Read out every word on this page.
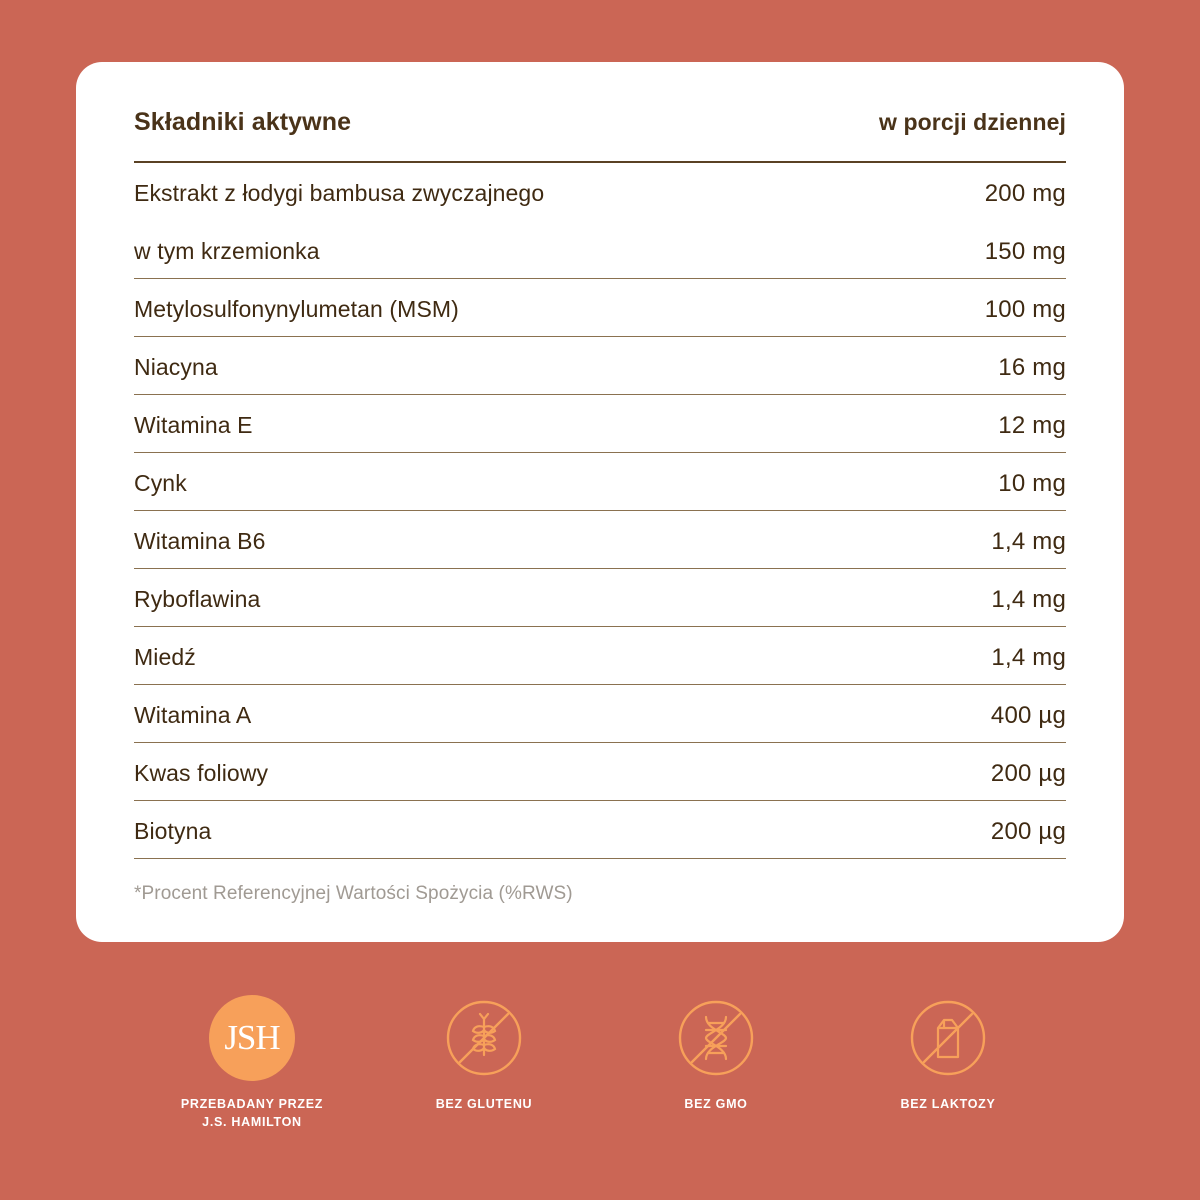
Składniki aktywne	w porcji dziennej
Ekstrakt z łodygi bambusa zwyczajnego	200 mg
w tym krzemionka	150 mg
Metylosulfonynylumetan (MSM)	100 mg
Niacyna	16 mg
Witamina E	12 mg
Cynk	10 mg
Witamina B6	1,4 mg
Ryboflawina	1,4 mg
Miedź	1,4 mg
Witamina A	400 µg
Kwas foliowy	200 µg
Biotyna	200 µg
*Procent Referencyjnej Wartości Spożycia (%RWS)
JSH
PRZEBADANY PRZEZ
J.S. HAMILTON
BEZ GLUTENU	BEZ GMO	BEZ LAKTOZY
